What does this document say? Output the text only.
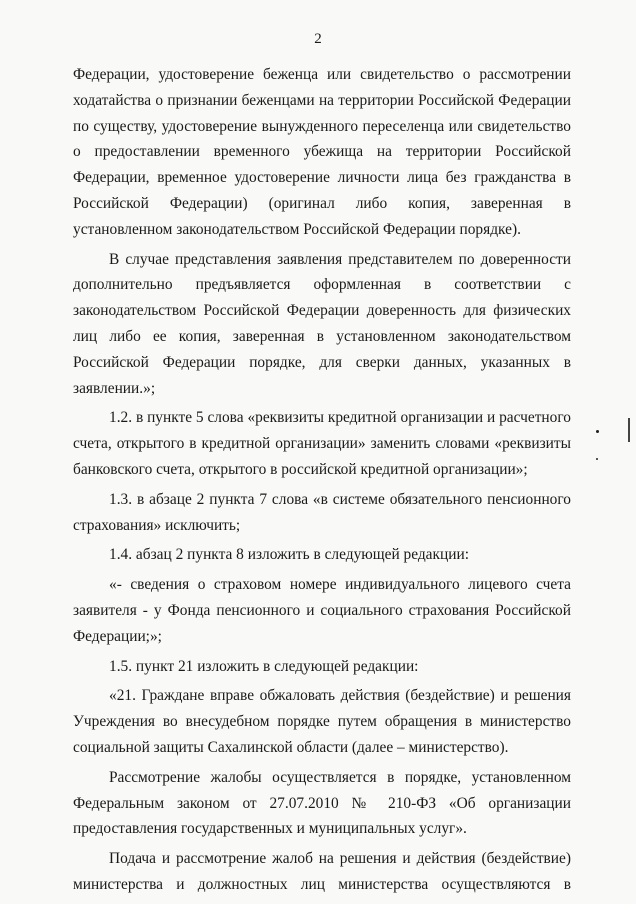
2

Федерации, удостоверение беженца или свидетельство о рассмотрении ходатайства о признании беженцами на территории Российской Федерации по существу, удостоверение вынужденного переселенца или свидетельство о предоставлении временного убежища на территории Российской Федерации, временное удостоверение личности лица без гражданства в Российской Федерации) (оригинал либо копия, заверенная в установленном законодательством Российской Федерации порядке).

В случае представления заявления представителем по доверенности дополнительно предъявляется оформленная в соответствии с законодательством Российской Федерации доверенность для физических лиц либо ее копия, заверенная в установленном законодательством Российской Федерации порядке, для сверки данных, указанных в заявлении.»;

1.2. в пункте 5 слова «реквизиты кредитной организации и расчетного счета, открытого в кредитной организации» заменить словами «реквизиты банковского счета, открытого в российской кредитной организации»;

1.3. в абзаце 2 пункта 7 слова «в системе обязательного пенсионного страхования» исключить;

1.4. абзац 2 пункта 8 изложить в следующей редакции:

«- сведения о страховом номере индивидуального лицевого счета заявителя - у Фонда пенсионного и социального страхования Российской Федерации;»;

1.5. пункт 21 изложить в следующей редакции:

«21. Граждане вправе обжаловать действия (бездействие) и решения Учреждения во внесудебном порядке путем обращения в министерство социальной защиты Сахалинской области (далее – министерство).

Рассмотрение жалобы осуществляется в порядке, установленном Федеральным законом от 27.07.2010 № 210-ФЗ «Об организации предоставления государственных и муниципальных услуг».

Подача и рассмотрение жалоб на решения и действия (бездействие) министерства и должностных лиц министерства осуществляются в
